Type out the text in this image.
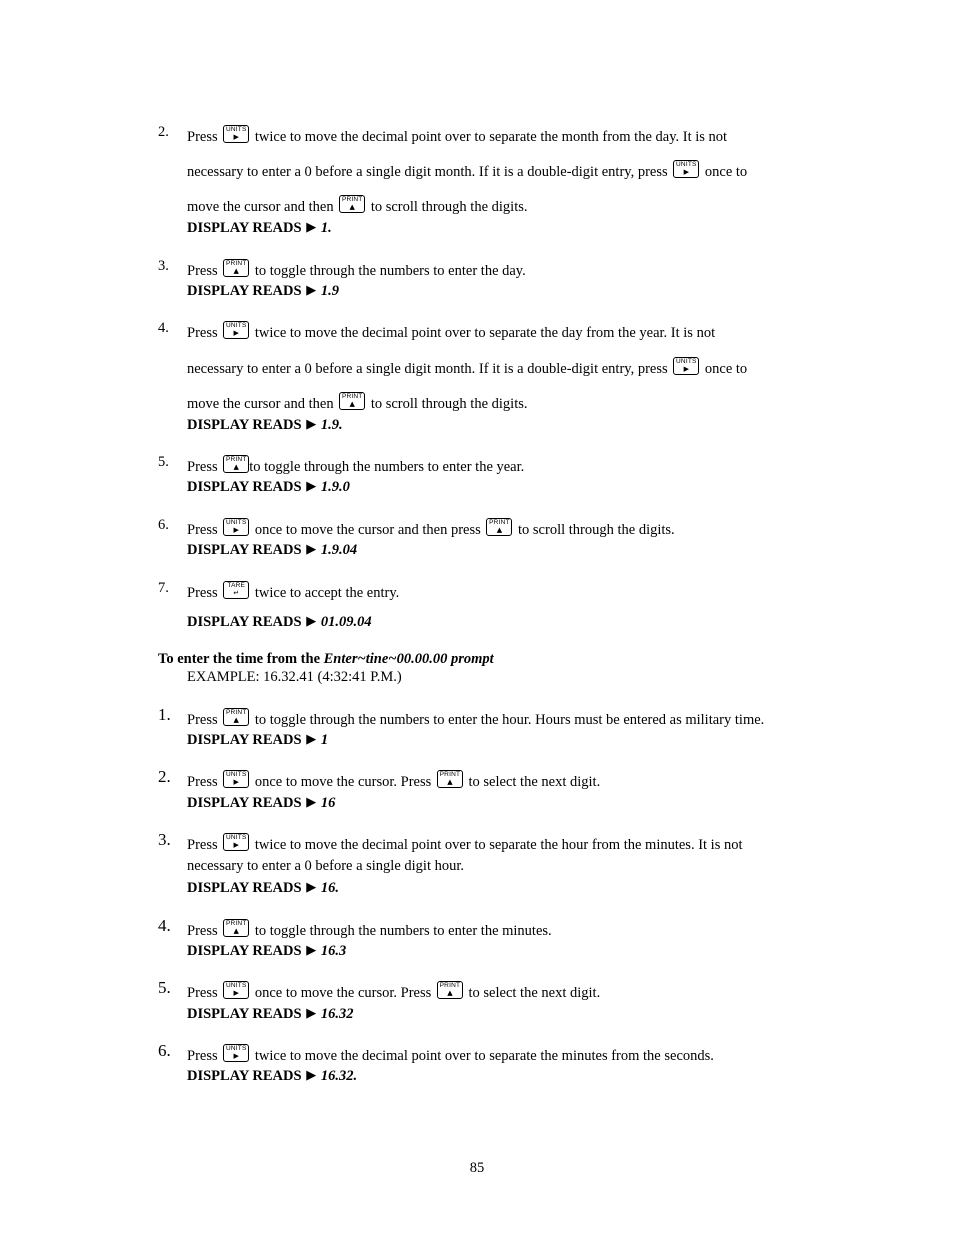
2. Press UNITS
▶	twice to move the decimal point over to separate the month from the day. It is not
necessary to enter a 0 before a single digit month. If it is a double-digit entry, press UNITS
▶	once to
move the cursor and then PRINT
▲	to scroll through the digits.
DISPLAY READS ▶ 1.
3. Press PRINT
▲	to toggle through the numbers to enter the day.
DISPLAY READS ▶ 1.9
4. Press UNITS
▶	twice to move the decimal point over to separate the day from the year. It is not
necessary to enter a 0 before a single digit month. If it is a double-digit entry, press UNITS
▶	once to
move the cursor and then PRINT
▲	to scroll through the digits.
DISPLAY READS ▶ 1.9.
5. Press PRINT
▲ to toggle through the numbers to enter the year.
DISPLAY READS ▶ 1.9.0
6. Press UNITS
▶	once to move the cursor and then press PRINT
▲	to scroll through the digits.
DISPLAY READS ▶ 1.9.04
7. Press	TARE
↵	twice to accept the entry.
DISPLAY READS ▶ 01.09.04
To enter the time from the Enter~tine~00.00.00 prompt
EXAMPLE: 16.32.41 (4:32:41 P.M.)
1. Press PRINT
▲	to toggle through the numbers to enter the hour. Hours must be entered as military time.
DISPLAY READS ▶ 1
2. Press UNITS
▶	once to move the cursor. Press PRINT
▲	to select the next digit.
DISPLAY READS ▶ 16
3. Press UNITS
▶	twice to move the decimal point over to separate the hour from the minutes. It is not
necessary to enter a 0 before a single digit hour.
DISPLAY READS ▶ 16.
4. Press PRINT
▲	to toggle through the numbers to enter the minutes.
DISPLAY READS ▶ 16.3
5. Press UNITS
▶	once to move the cursor. Press PRINT
▲	to select the next digit.
DISPLAY READS ▶ 16.32
6. Press UNITS
▶	twice to move the decimal point over to separate the minutes from the seconds.
DISPLAY READS ▶ 16.32.
85
